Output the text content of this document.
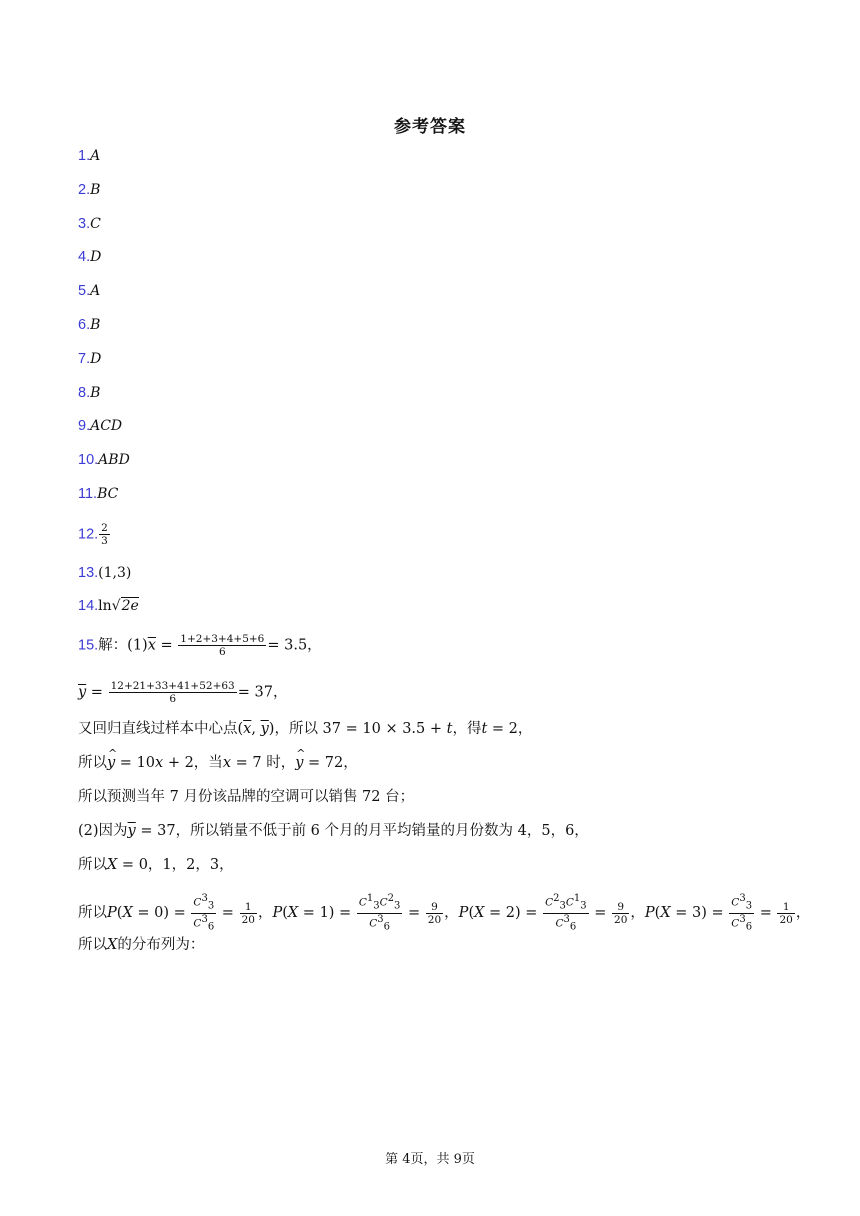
参考答案
1.A
2.B
3.C
4.D
5.A
6.B
7.D
8.B
9.ACD
10.ABD
11.BC
12. $\frac{2}{3}$
13.(1,3)
14.ln√2e
15.解：$(1)\overline{x} = \frac{1+2+3+4+5+6}{6} = 3.5$，
$\overline{y} = \frac{12+21+33+41+52+63}{6} = 37$，
又回归直线过样本中心点($\overline{x}$, $\overline{y}$)，所以 37 = 10 × 3.5 + t，得t = 2，
所以^ y = 10x + 2，当x = 7 时，^ y = 72，
所以预测当年 7 月份该品牌的空调可以销售 72 台；
(2)因为$\overline{y} = 37$，所以销量不低于前 6 个月的月平均销量的月份数为 4，5，6，
所以X = 0，1，2，3，
所以$P(X = 0) = \frac{C^3_3}{C^3_6} = \frac{1}{20}$ ，$P(X = 1) = \frac{C^1_3C^2_3}{C^3_6} = \frac{9}{20}$ ，$P(X = 2) = \frac{C^2_3C^1_3}{C^3_6} = \frac{9}{20}$ ，$P(X = 3) = \frac{C^3_3}{C^3_6} = \frac{1}{20}$ ，
所以X的分布列为：
第 4页，共 9页
